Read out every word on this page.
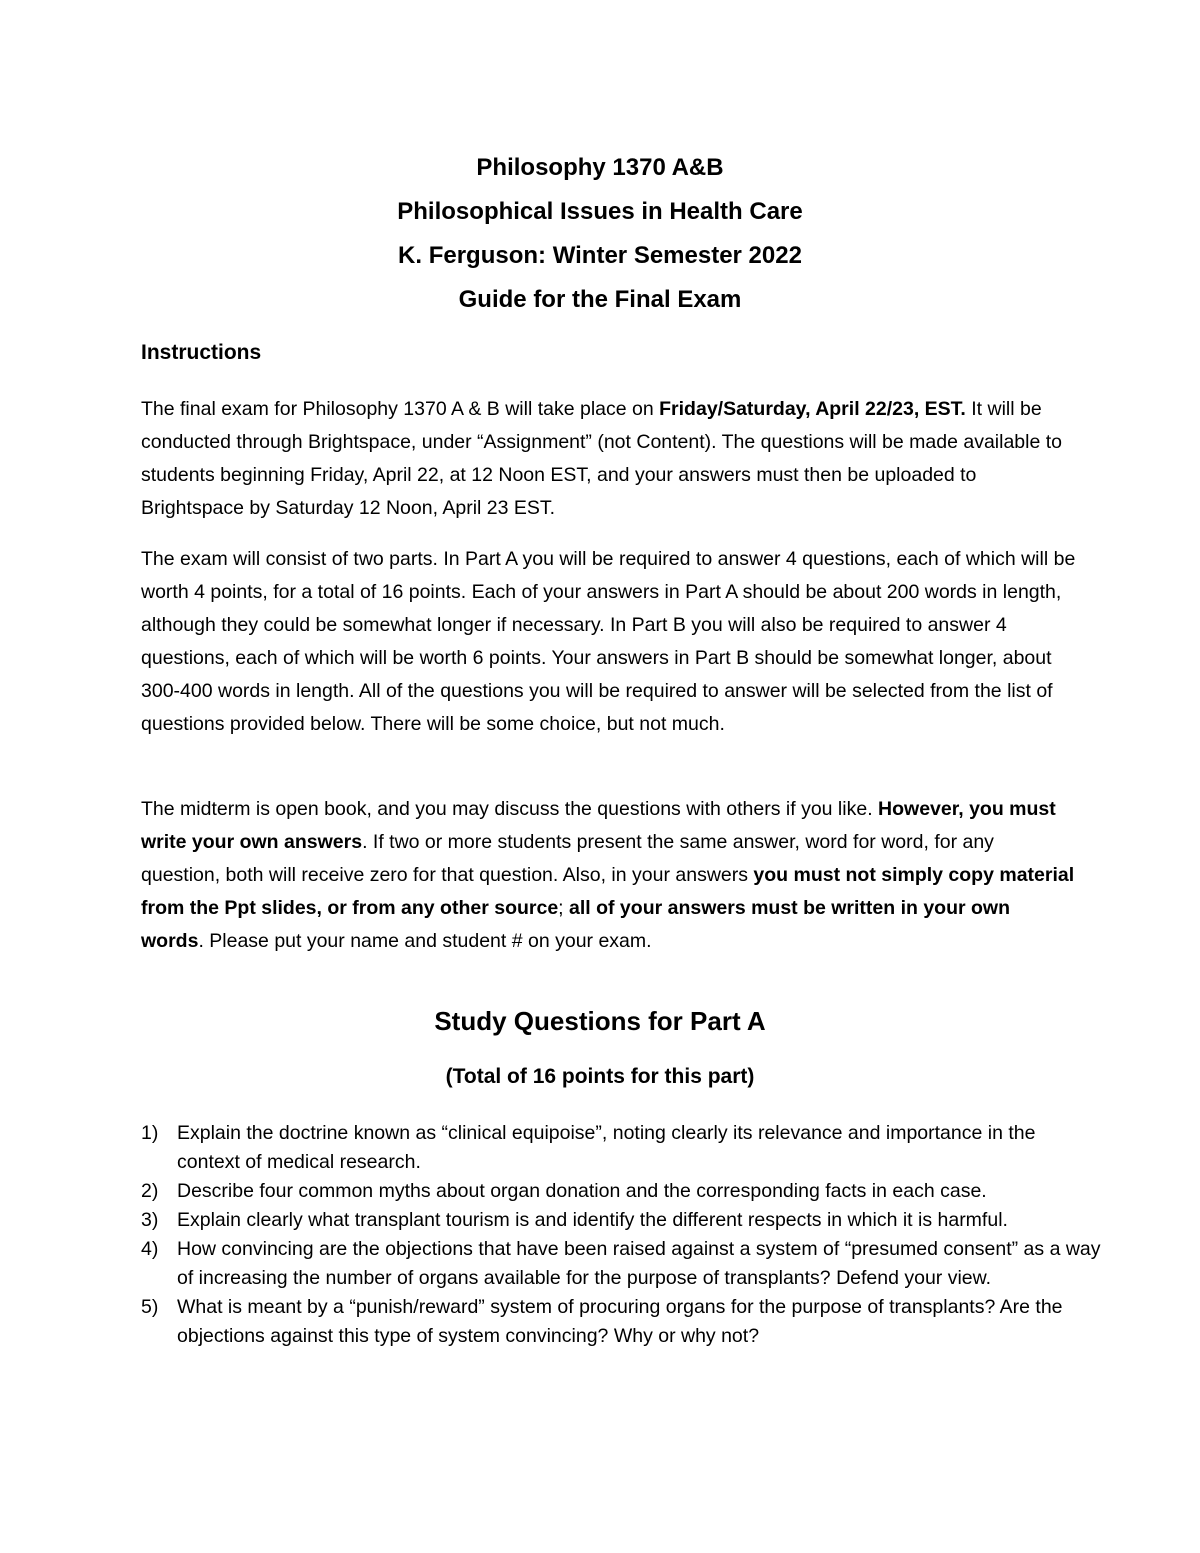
Philosophy 1370 A&B
Philosophical Issues in Health Care
K. Ferguson: Winter Semester 2022
Guide for the Final Exam
Instructions

The final exam for Philosophy 1370 A & B will take place on Friday/Saturday, April 22/23, EST. It will be conducted through Brightspace, under “Assignment” (not Content). The questions will be made available to students beginning Friday, April 22, at 12 Noon EST, and your answers must then be uploaded to Brightspace by Saturday 12 Noon, April 23 EST.

The exam will consist of two parts. In Part A you will be required to answer 4 questions, each of which will be worth 4 points, for a total of 16 points. Each of your answers in Part A should be about 200 words in length, although they could be somewhat longer if necessary. In Part B you will also be required to answer 4 questions, each of which will be worth 6 points. Your answers in Part B should be somewhat longer, about 300-400 words in length. All of the questions you will be required to answer will be selected from the list of questions provided below. There will be some choice, but not much.

The midterm is open book, and you may discuss the questions with others if you like. However, you must write your own answers. If two or more students present the same answer, word for word, for any question, both will receive zero for that question. Also, in your answers you must not simply copy material from the Ppt slides, or from any other source; all of your answers must be written in your own words. Please put your name and student # on your exam.

Study Questions for Part A
(Total of 16 points for this part)
1) Explain the doctrine known as “clinical equipoise”, noting clearly its relevance and importance in the context of medical research.
2) Describe four common myths about organ donation and the corresponding facts in each case.
3) Explain clearly what transplant tourism is and identify the different respects in which it is harmful.
4) How convincing are the objections that have been raised against a system of “presumed consent” as a way of increasing the number of organs available for the purpose of transplants? Defend your view.
5) What is meant by a “punish/reward” system of procuring organs for the purpose of transplants? Are the objections against this type of system convincing? Why or why not?
